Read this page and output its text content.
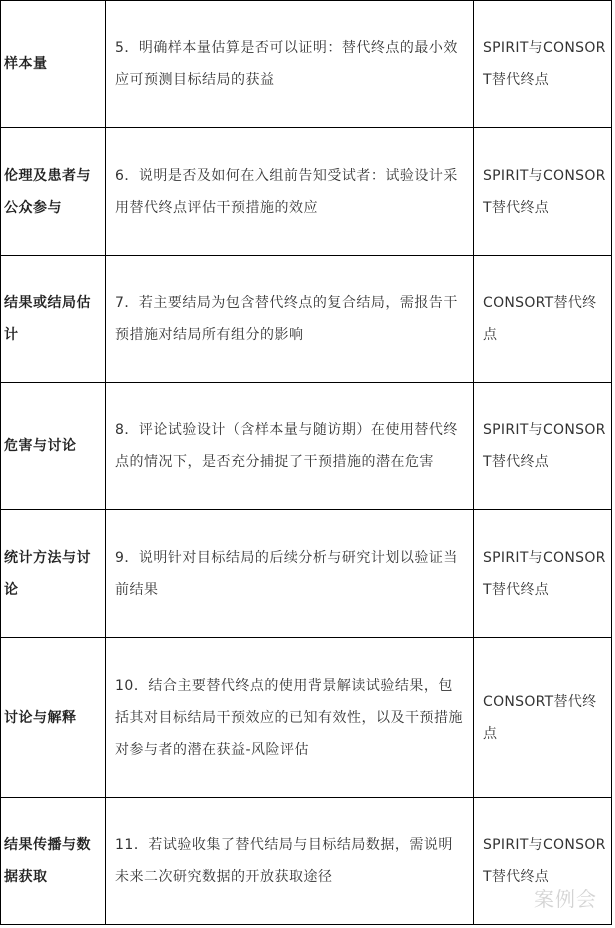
样本量	5．明确样本量估算是否可以证明：替代终点的最小效应可预测目标结局的获益	SPIRIT与CONSORT替代终点

伦理及患者与公众参与	6．说明是否及如何在入组前告知受试者：试验设计采用替代终点评估干预措施的效应	SPIRIT与CONSORT替代终点

结果或结局估计	7．若主要结局为包含替代终点的复合结局，需报告干预措施对结局所有组分的影响	CONSORT替代终点

危害与讨论	8．评论试验设计（含样本量与随访期）在使用替代终点的情况下，是否充分捕捉了干预措施的潜在危害	SPIRIT与CONSORT替代终点

统计方法与讨论	9．说明针对目标结局的后续分析与研究计划以验证当前结果	SPIRIT与CONSORT替代终点

讨论与解释	10．结合主要替代终点的使用背景解读试验结果，包括其对目标结局干预效应的已知有效性，以及干预措施对参与者的潜在获益-风险评估	CONSORT替代终点

结果传播与数据获取	11．若试验收集了替代结局与目标结局数据，需说明未来二次研究数据的开放获取途径	SPIRIT与CONSORT替代终点
案例会
